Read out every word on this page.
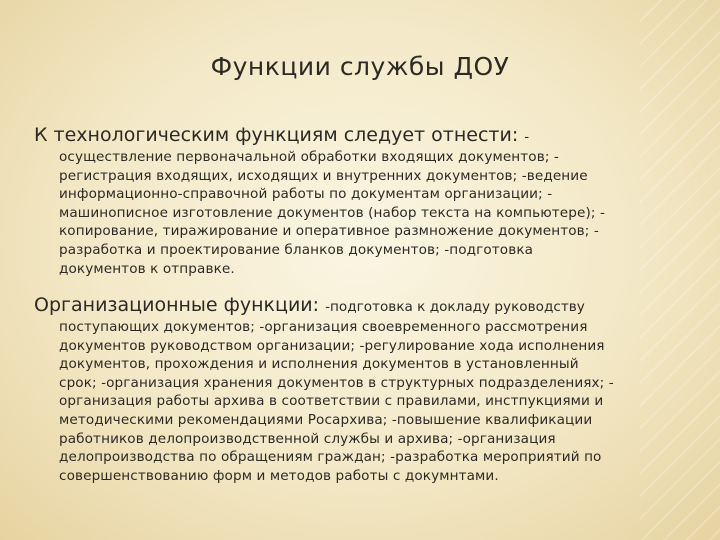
Функции службы ДОУ
К технологическим функциям следует отнести: -
осуществление первоначальной обработки входящих документов; -
регистрация входящих, исходящих и внутренних документов; -ведение
информационно-справочной работы по документам организации; -
машинописное изготовление документов (набор текста на компьютере); -
копирование, тиражирование и оперативное размножение документов; -
разработка и проектирование бланков документов; -подготовка
документов к отправке.
Организационные функции: -подготовка к докладу руководству
поступающих документов; -организация своевременного рассмотрения
документов руководством организации; -регулирование хода исполнения
документов, прохождения и исполнения документов в установленный
срок; -организация хранения документов в структурных подразделениях; -
организация работы архива в соответствии с правилами, инстпукциями и
методическими рекомендациями Росархива; -повышение квалификации
работников делопроизводственной службы и архива; -организация
делопроизводства по обращениям граждан; -разработка мероприятий по
совершенствованию форм и методов работы с докумнтами.
